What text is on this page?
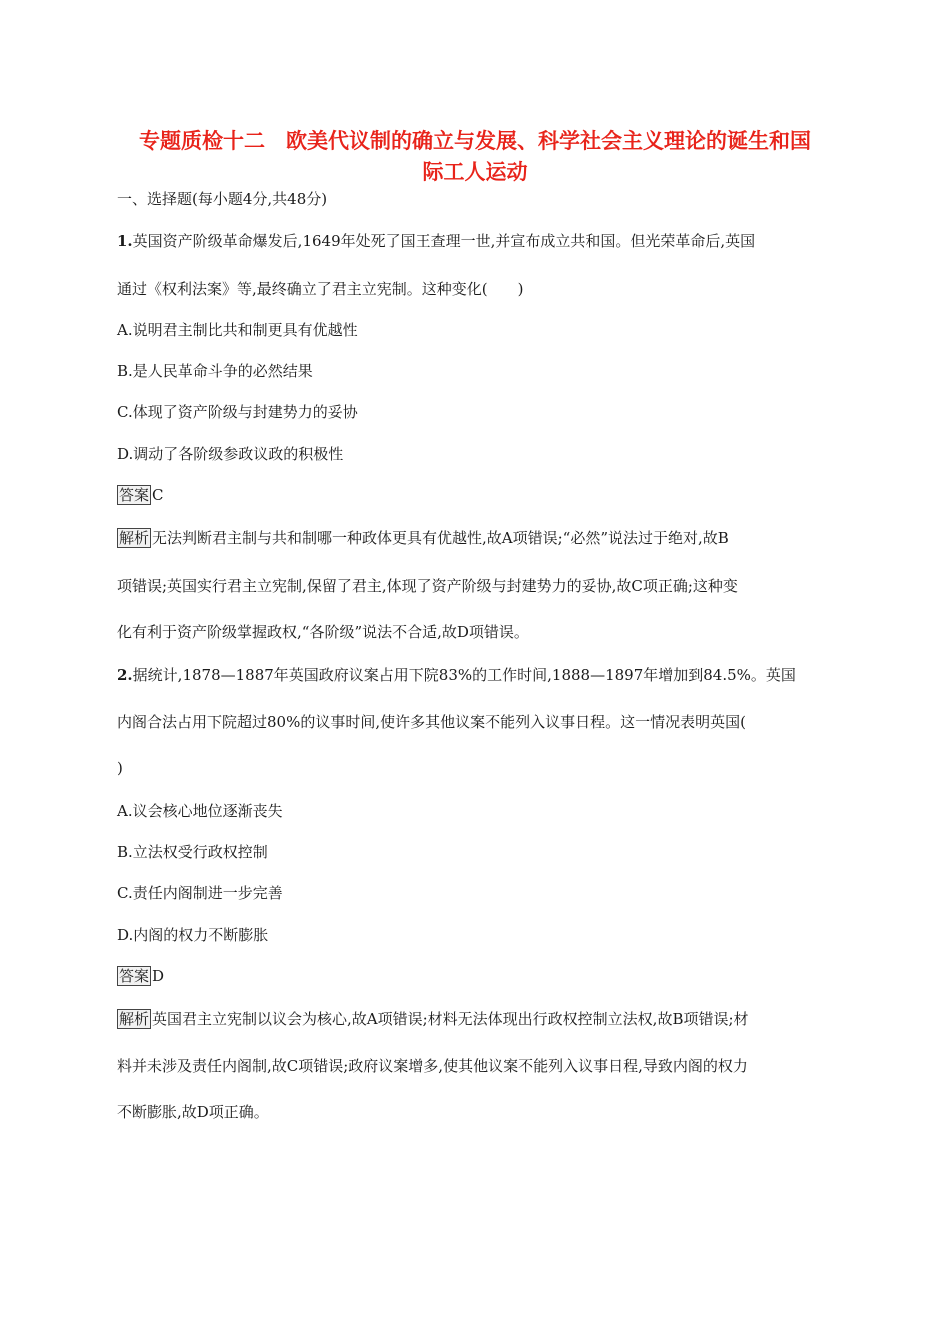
专题质检十二　欧美代议制的确立与发展、科学社会主义理论的诞生和国
际工人运动
一、选择题(每小题4分,共48分)
1.英国资产阶级革命爆发后,1649年处死了国王查理一世,并宣布成立共和国。但光荣革命后,英国
通过《权利法案》等,最终确立了君主立宪制。这种变化(　　)
A.说明君主制比共和制更具有优越性
B.是人民革命斗争的必然结果
C.体现了资产阶级与封建势力的妥协
D.调动了各阶级参政议政的积极性
答案 C
解析 无法判断君主制与共和制哪一种政体更具有优越性,故A项错误;“必然”说法过于绝对,故B
项错误;英国实行君主立宪制,保留了君主,体现了资产阶级与封建势力的妥协,故C项正确;这种变
化有利于资产阶级掌握政权,“各阶级”说法不合适,故D项错误。
2.据统计,1878—1887年英国政府议案占用下院83%的工作时间,1888—1897年增加到84.5%。英国
内阁合法占用下院超过80%的议事时间,使许多其他议案不能列入议事日程。这一情况表明英国(
)
A.议会核心地位逐渐丧失
B.立法权受行政权控制
C.责任内阁制进一步完善
D.内阁的权力不断膨胀
答案 D
解析 英国君主立宪制以议会为核心,故A项错误;材料无法体现出行政权控制立法权,故B项错误;材
料并未涉及责任内阁制,故C项错误;政府议案增多,使其他议案不能列入议事日程,导致内阁的权力
不断膨胀,故D项正确。
